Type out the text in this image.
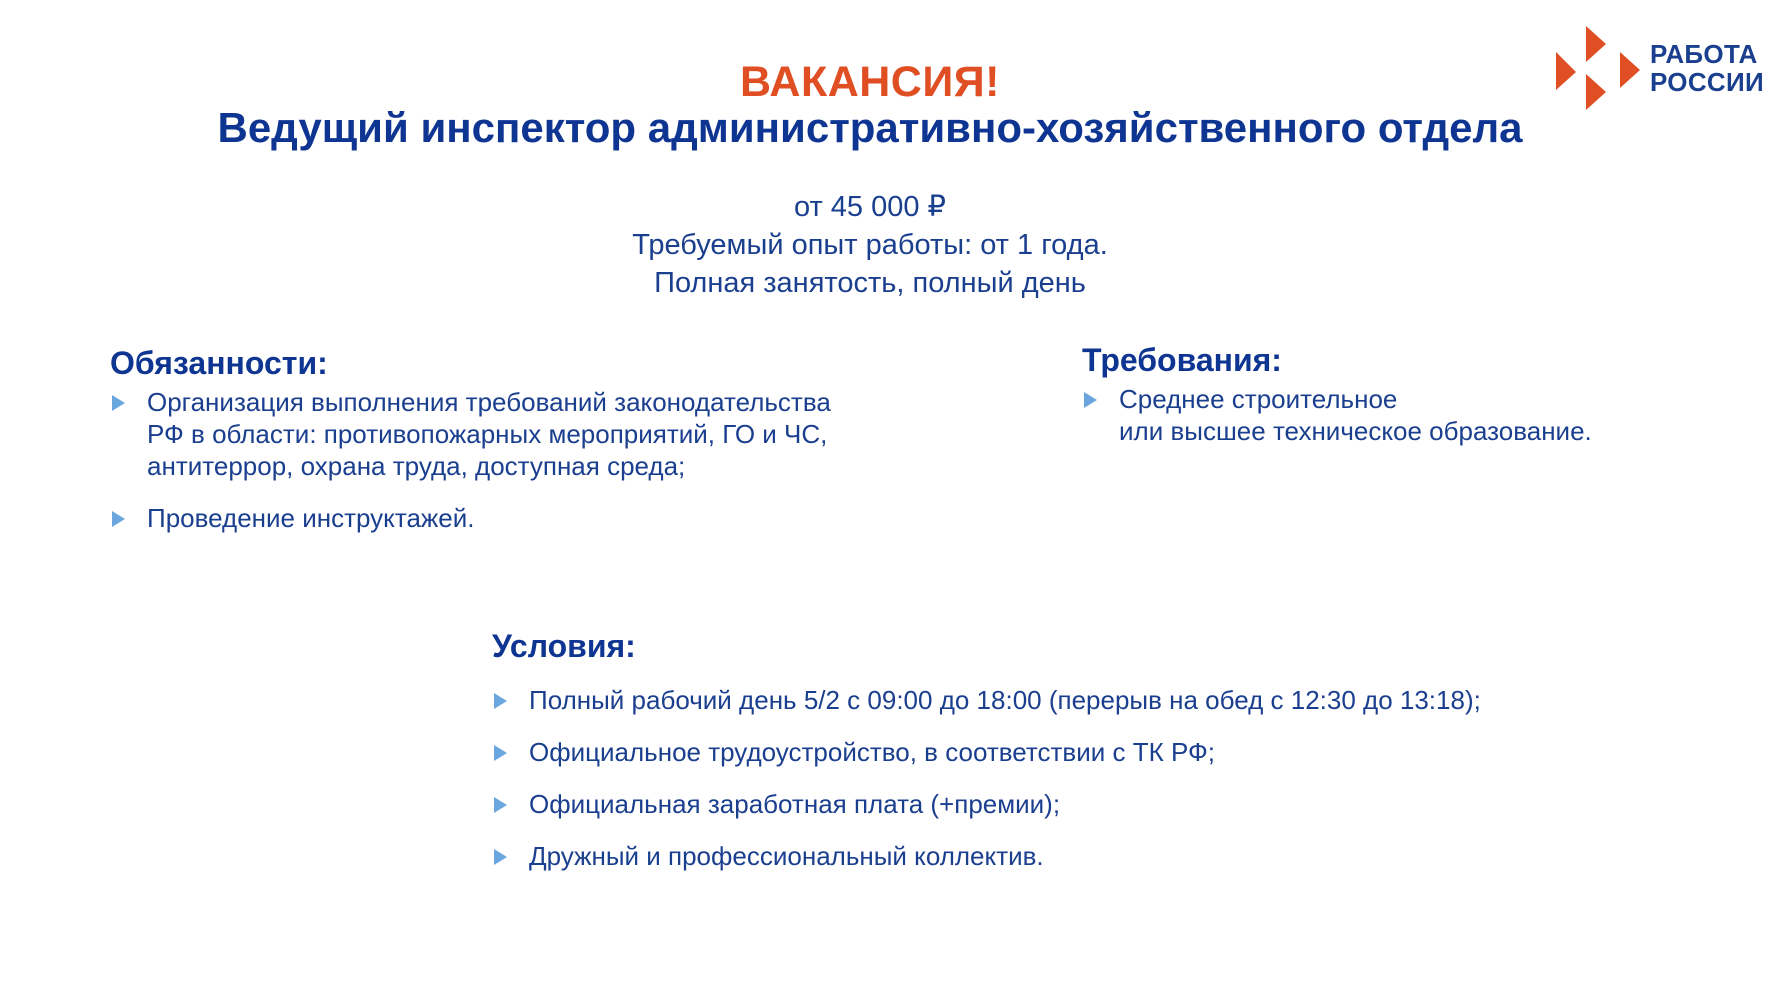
РАБОТА
РОССИИ
ВАКАНСИЯ!
Ведущий инспектор административно-хозяйственного отдела
от 45 000 ₽
Требуемый опыт работы: от 1 года.
Полная занятость, полный день
Обязанности:
Организация выполнения требований законодательства
РФ в области: противопожарных мероприятий, ГО и ЧС,
антитеррор, охрана труда, доступная среда;
Проведение инструктажей.
Требования:
Среднее строительное
или высшее техническое образование.
Условия:
Полный рабочий день 5/2 с 09:00 до 18:00 (перерыв на обед с 12:30 до 13:18);
Официальное трудоустройство, в соответствии с ТК РФ;
Официальная заработная плата (+премии);
Дружный и профессиональный коллектив.
